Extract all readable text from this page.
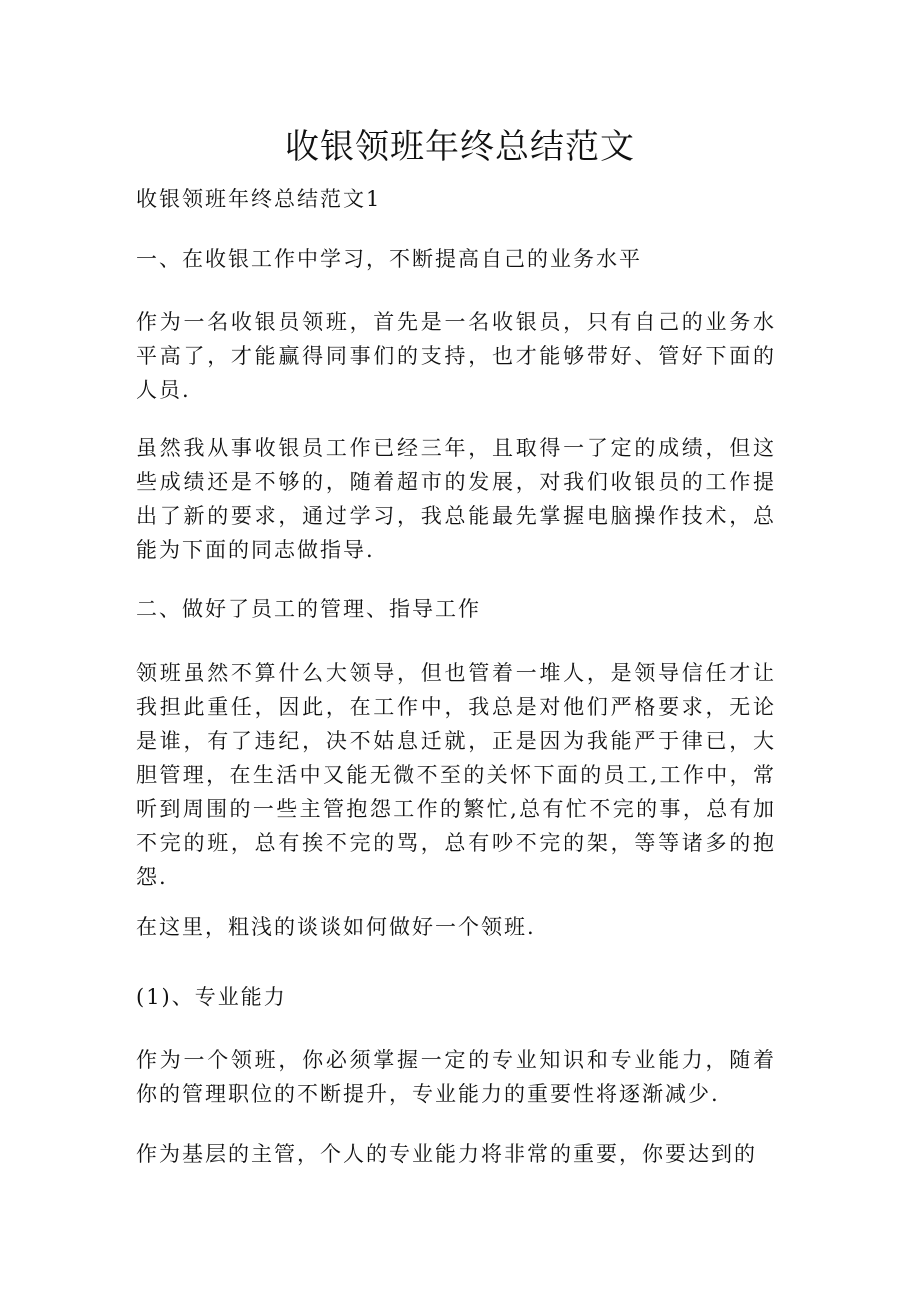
收银领班年终总结范文

收银领班年终总结范文1

一、在收银工作中学习，不断提高自己的业务水平

作为一名收银员领班，首先是一名收银员，只有自己的业务水平高了，才能赢得同事们的支持，也才能够带好、管好下面的人员.

虽然我从事收银员工作已经三年，且取得一了定的成绩，但这些成绩还是不够的，随着超市的发展，对我们收银员的工作提出了新的要求，通过学习，我总能最先掌握电脑操作技术，总能为下面的同志做指导.

二、做好了员工的管理、指导工作

领班虽然不算什么大领导，但也管着一堆人，是领导信任才让我担此重任，因此，在工作中，我总是对他们严格要求，无论是谁，有了违纪，决不姑息迁就，正是因为我能严于律已，大胆管理，在生活中又能无微不至的关怀下面的员工,工作中，常听到周围的一些主管抱怨工作的繁忙,总有忙不完的事，总有加不完的班，总有挨不完的骂，总有吵不完的架，等等诸多的抱怨.

在这里，粗浅的谈谈如何做好一个领班.

(1)、专业能力

作为一个领班，你必须掌握一定的专业知识和专业能力，随着你的管理职位的不断提升，专业能力的重要性将逐渐减少.

作为基层的主管，个人的专业能力将非常的重要，你要达到的
